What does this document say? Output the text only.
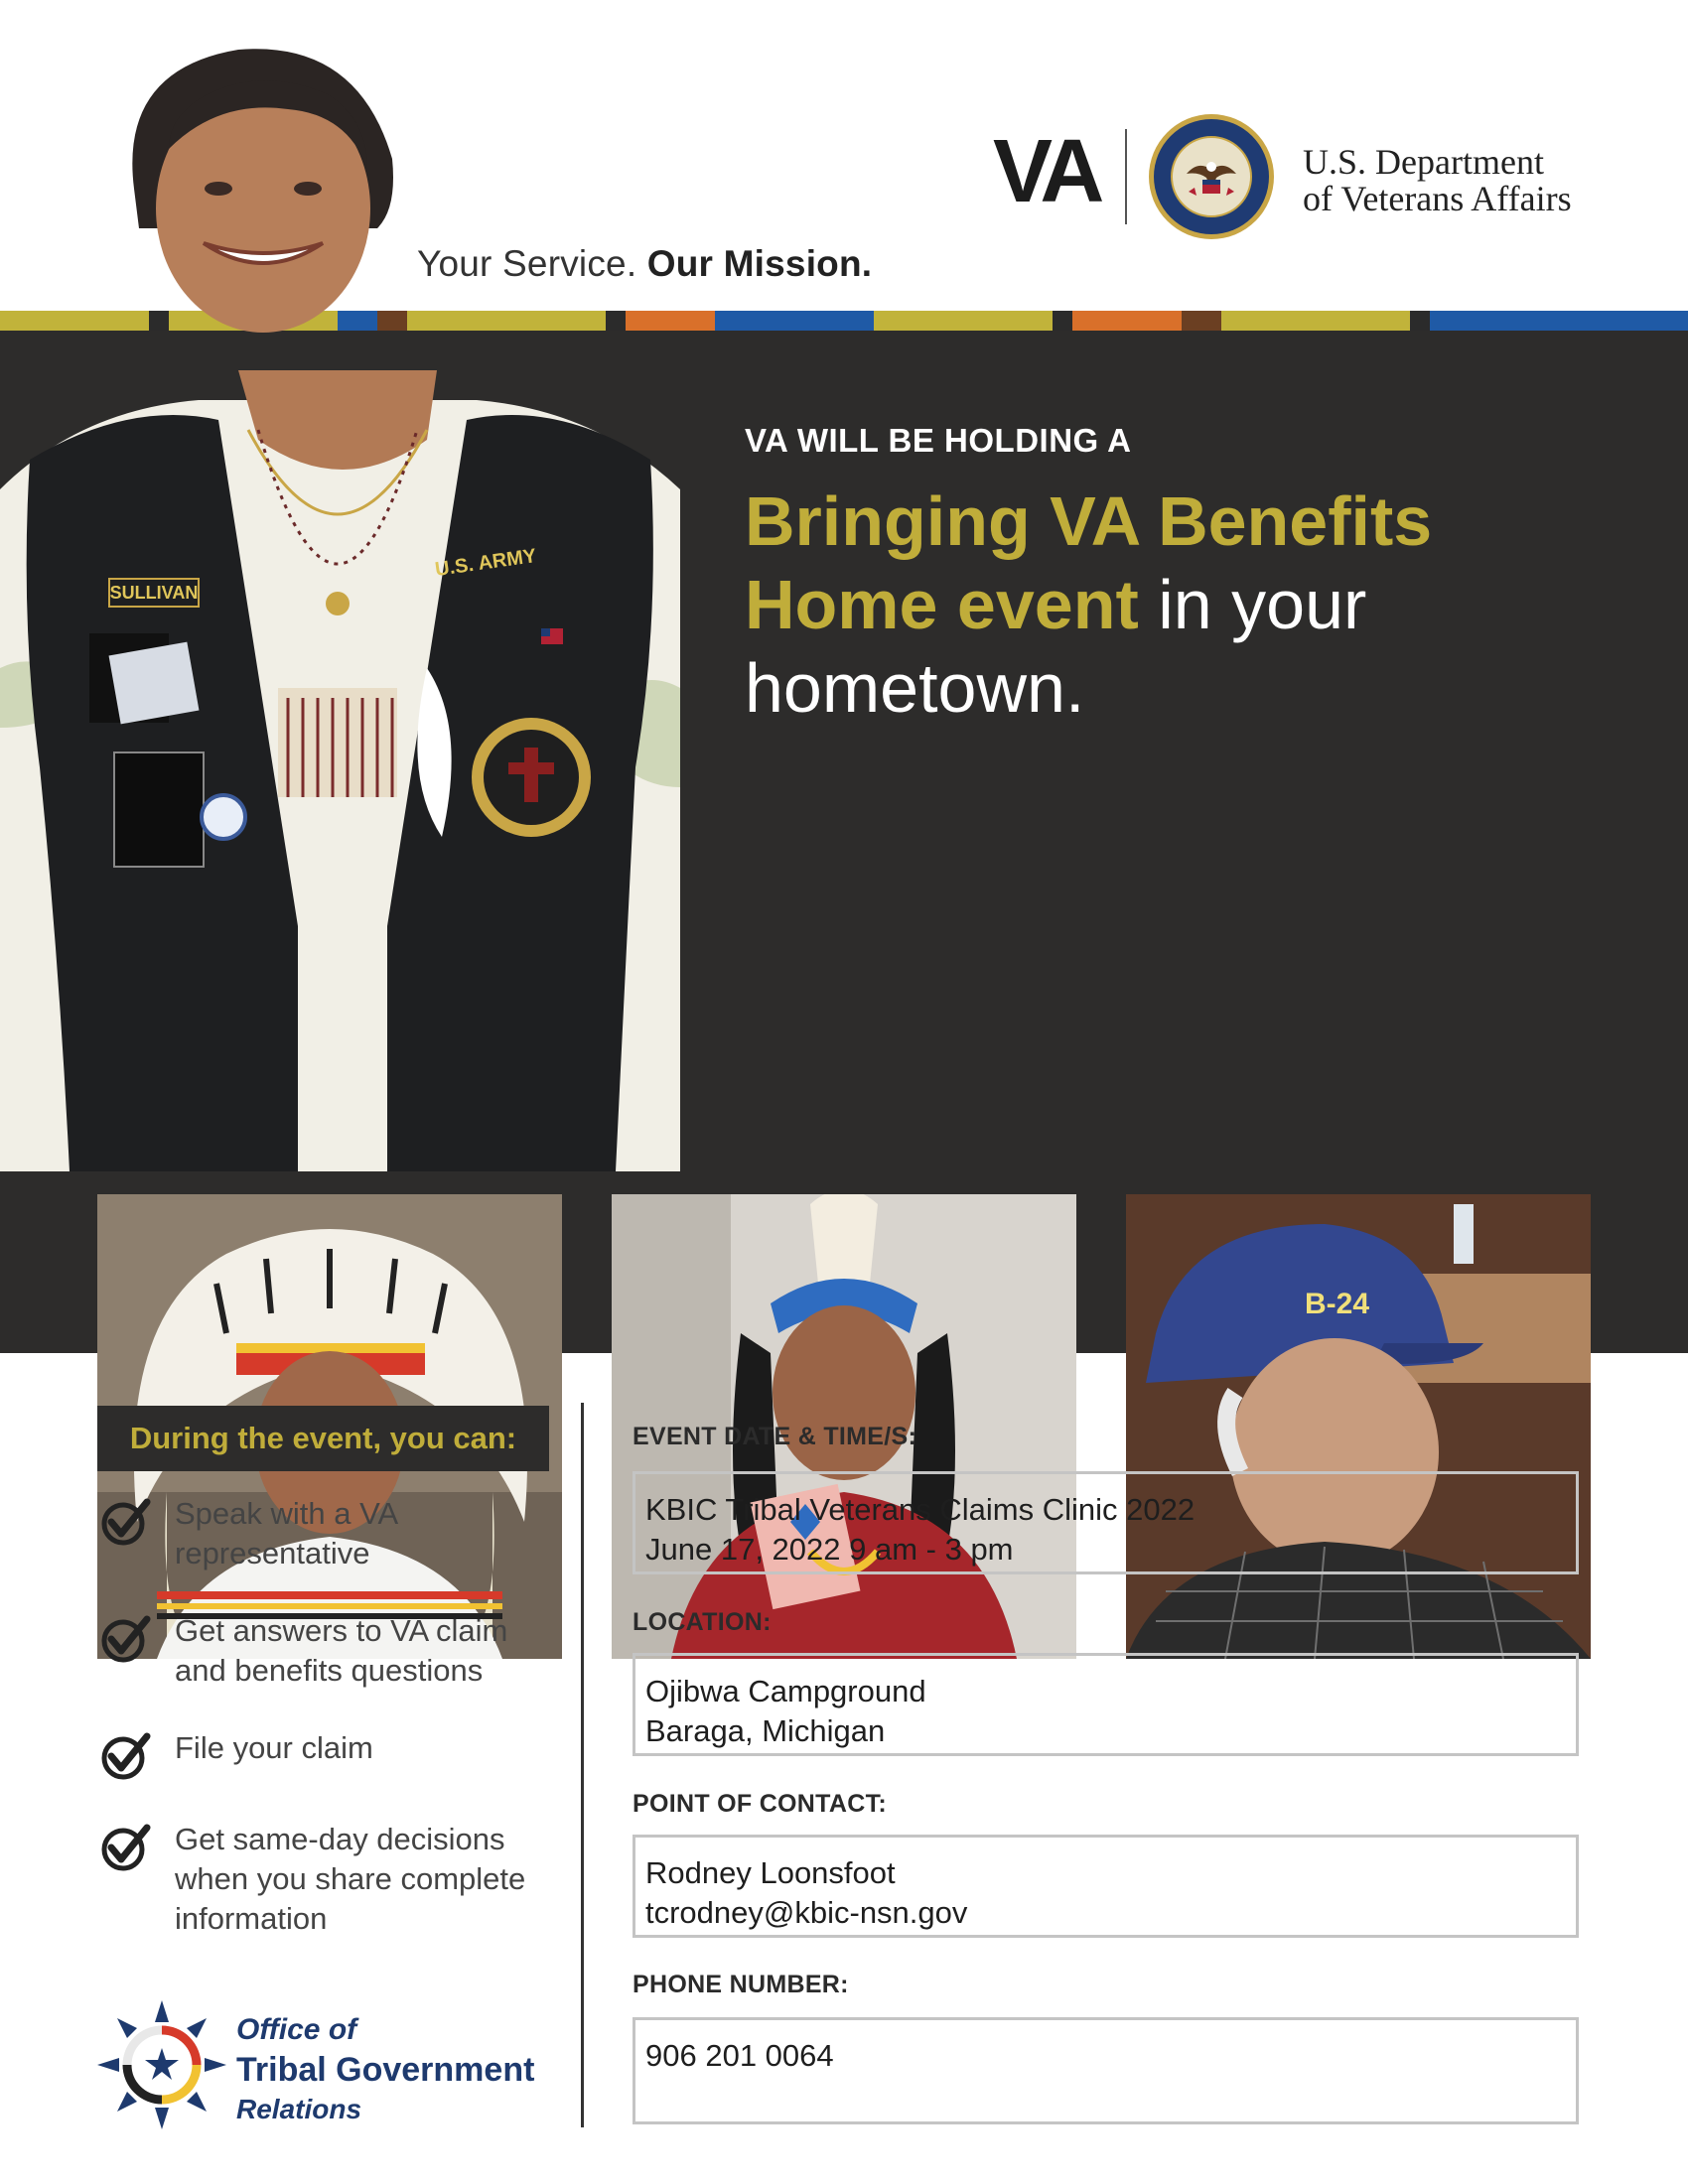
Your Service. Our Mission.
VA	U.S. Department
of Veterans Affairs
SULLIVAN
U.S. ARMY
VA WILL BE HOLDING A
Bringing VA Benefits
Home event in your
hometown.
B-24
During the event, you can:
Speak with a VA
representative
Get answers to VA claim
and benefits questions
File your claim
Get same-day decisions
when you share complete
information
Office of
Tribal Government
Relations
EVENT DATE & TIME/S:
KBIC Tribal Veterans Claims Clinic 2022
June 17, 2022 9 am - 3 pm
LOCATION:
Ojibwa Campground
Baraga, Michigan
POINT OF CONTACT:
Rodney Loonsfoot
tcrodney@kbic-nsn.gov
PHONE NUMBER:
906 201 0064
